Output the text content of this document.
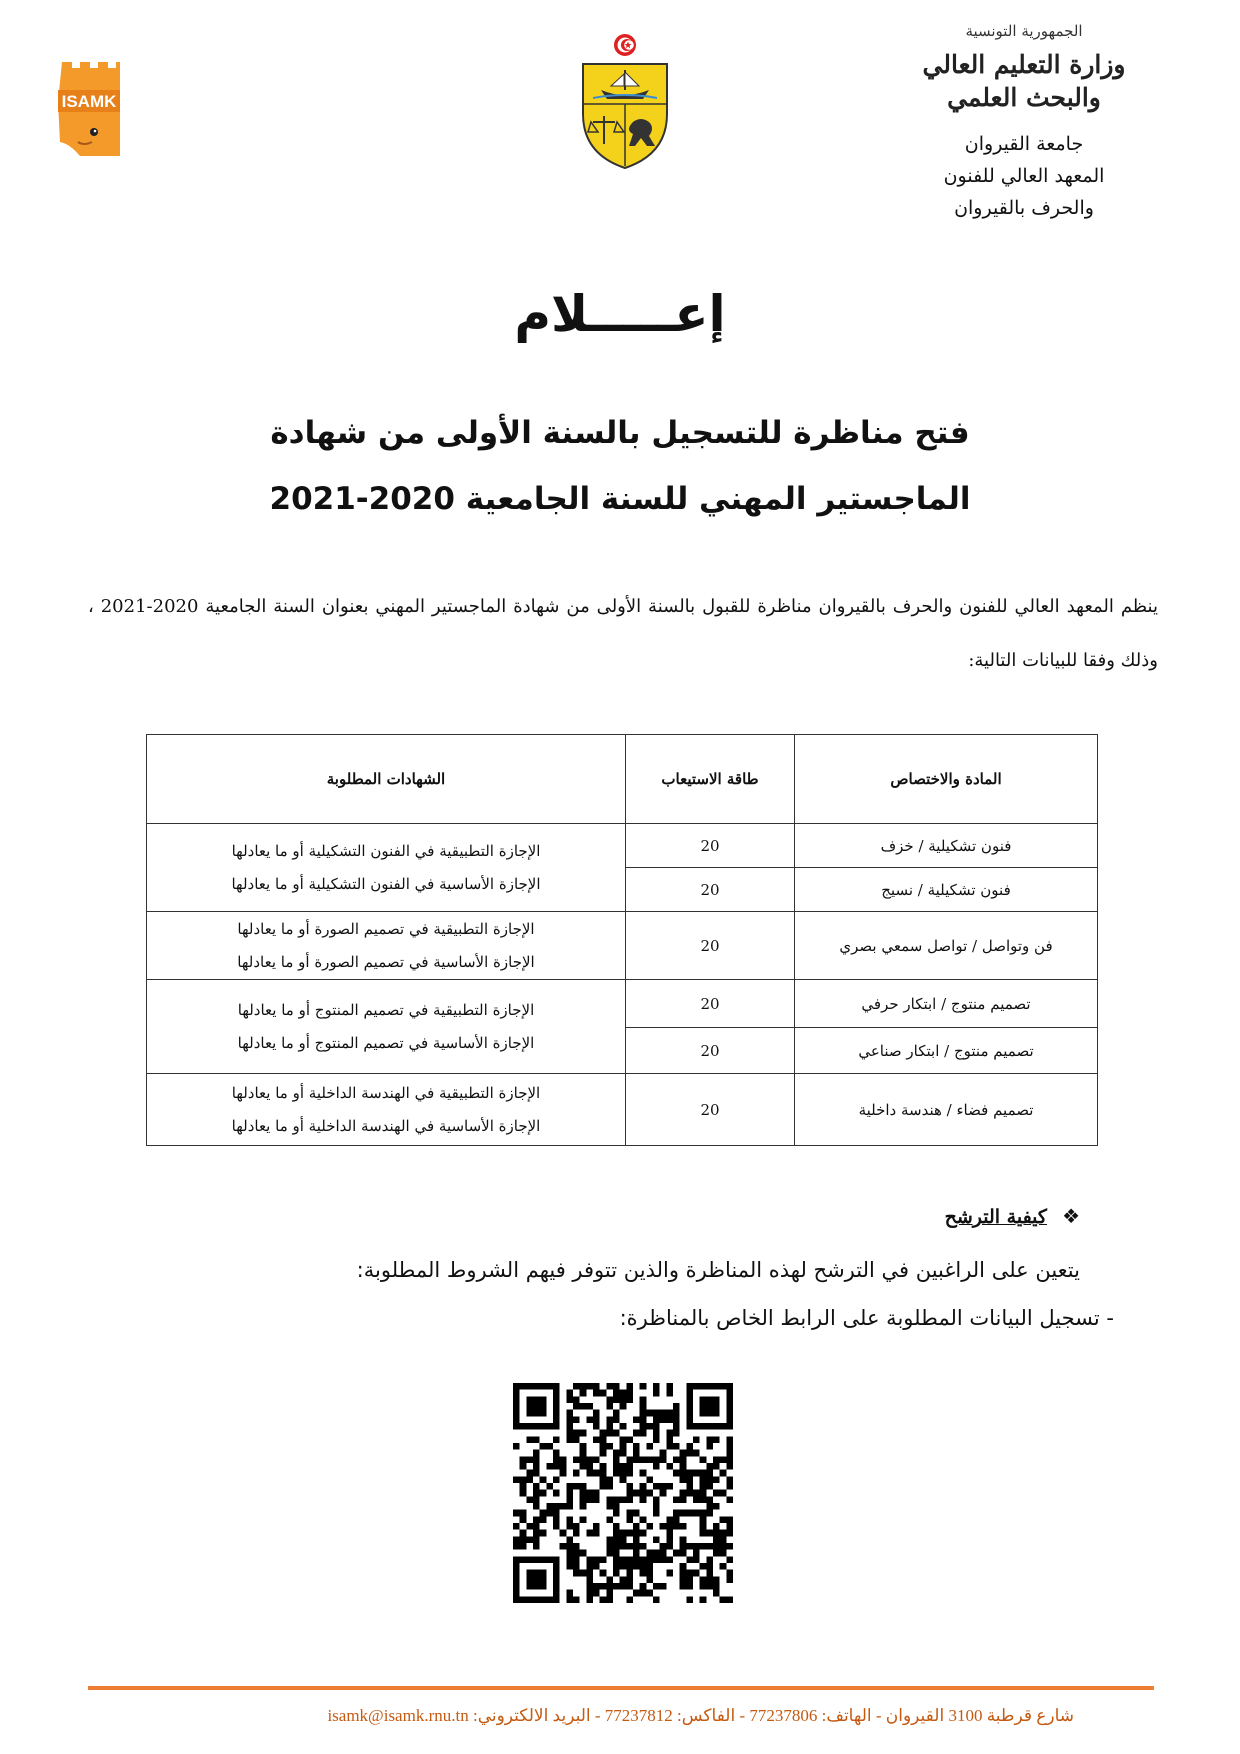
ISAMK
الجمهورية التونسية
وزارة التعليم العالي
والبحث العلمي
جامعة القيروان
المعهد العالي للفنون
والحرف بالقيروان
إعـــــلام
فتح مناظرة للتسجيل بالسنة الأولى من شهادة
الماجستير المهني للسنة الجامعية 2020-2021
ينظم المعهد العالي للفنون والحرف بالقيروان مناظرة للقبول بالسنة الأولى من شهادة الماجستير المهني بعنوان السنة الجامعية 2020-2021 ، وذلك وفقا للبيانات التالية:
المادة والاختصاص	طاقة الاستيعاب	الشهادات المطلوبة
فنون تشكيلية / خزف	20	الإجازة التطبيقية في الفنون التشكيلية أو ما يعادلها
الإجازة الأساسية في الفنون التشكيلية أو ما يعادلها

فنون تشكيلية / نسيج	20	
فن وتواصل / تواصل سمعي بصري	20	الإجازة التطبيقية في تصميم الصورة أو ما يعادلها
الإجازة الأساسية في تصميم الصورة أو ما يعادلها

تصميم منتوج / ابتكار حرفي	20	الإجازة التطبيقية في تصميم المنتوج أو ما يعادلها
الإجازة الأساسية في تصميم المنتوج أو ما يعادلها

تصميم منتوج / ابتكار صناعي	20	
تصميم فضاء / هندسة داخلية	20	الإجازة التطبيقية في الهندسة الداخلية أو ما يعادلها
الإجازة الأساسية في الهندسة الداخلية أو ما يعادلها
❖ كيفية الترشح
يتعين على الراغبين في الترشح لهذه المناظرة والذين تتوفر فيهم الشروط المطلوبة:
- تسجيل البيانات المطلوبة على الرابط الخاص بالمناظرة:
شارع قرطبة 3100 القيروان - الهاتف: 77237806 - الفاكس: 77237812 - البريد الالكتروني: isamk@isamk.rnu.tn
